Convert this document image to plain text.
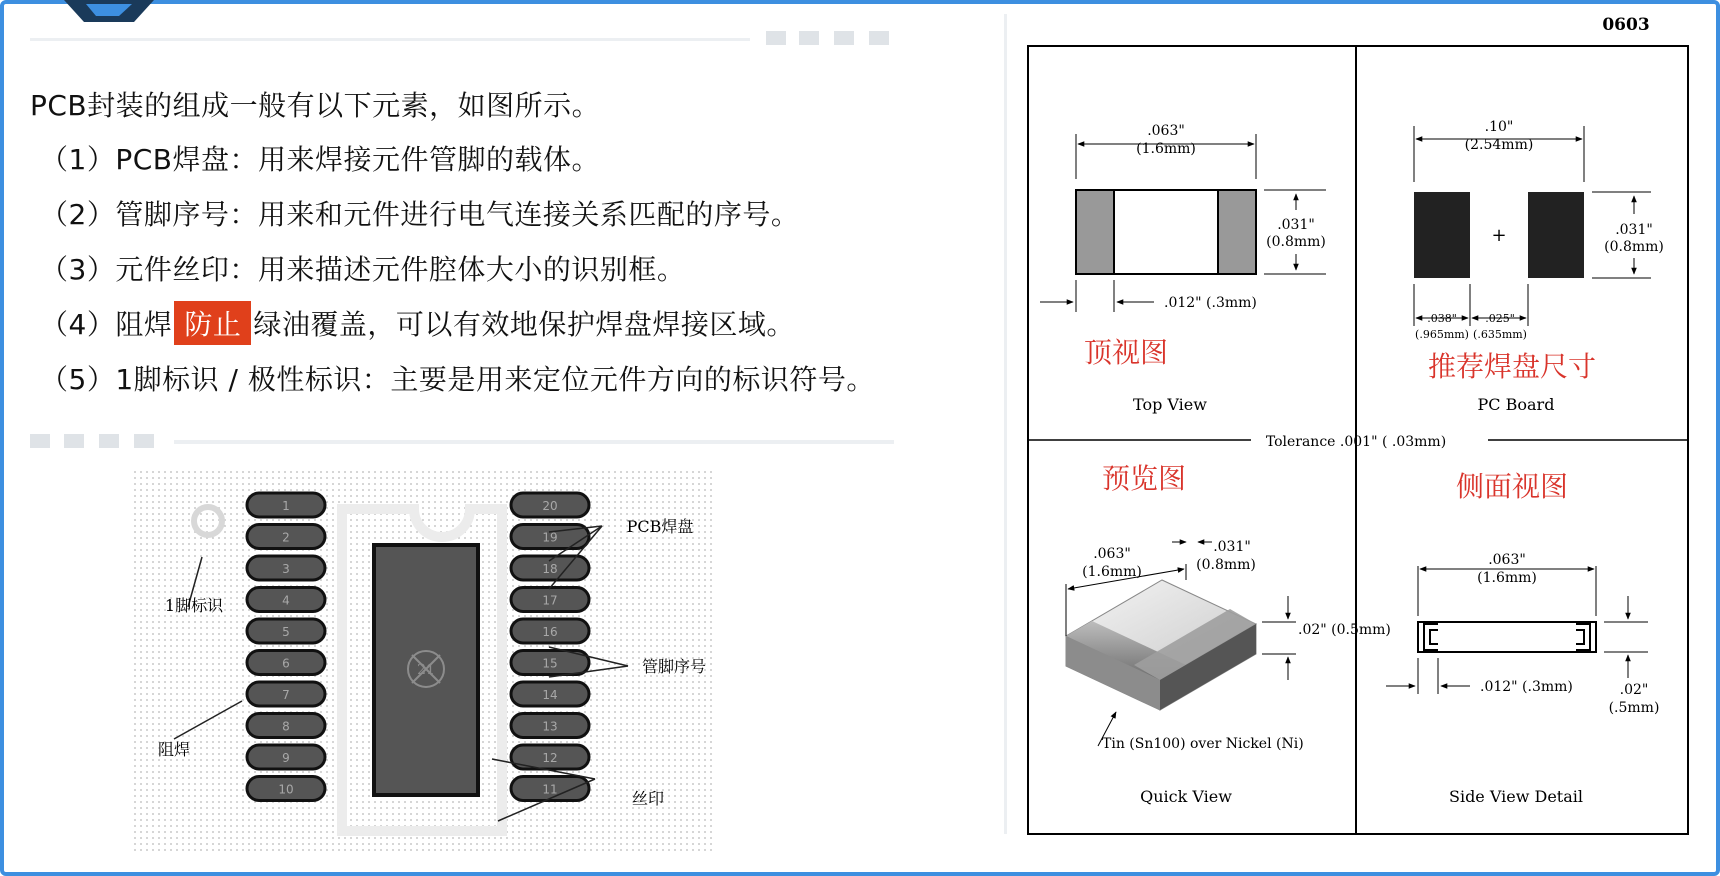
PCB封装的组成一般有以下元素，如图所示。
（1）PCB焊盘：用来焊接元件管脚的载体。
（2）管脚序号：用来和元件进行电气连接关系匹配的序号。
（3）元件丝印：用来描述元件腔体大小的识别框。
（4）阻焊 防止 绿油覆盖，可以有效地保护焊盘焊接区域。
（5）1脚标识 / 极性标识：主要是用来定位元件方向的标识符号。
21
1
2
3
4
5
6
7
8
9
10
20
19
18
17
16
15
14
13
12
11
PCB焊盘
1脚标识
管脚序号
阻焊
丝印
0603
Tolerance .001" ( .03mm)
.063"
(1.6mm)
.031"
(0.8mm)
.012" (.3mm)
顶视图
Top View
+
.10"
(2.54mm)
.031"
(0.8mm)
.038"
(.965mm)
.025"
(.635mm)
推荐焊盘尺寸
PC Board
预览图
.063"
(1.6mm)
.031"
(0.8mm)
.02" (0.5mm)
Tin (Sn100) over Nickel (Ni)
Quick View
侧面视图
.063"
(1.6mm)
.02"
(.5mm)
.012" (.3mm)
Side View Detail
